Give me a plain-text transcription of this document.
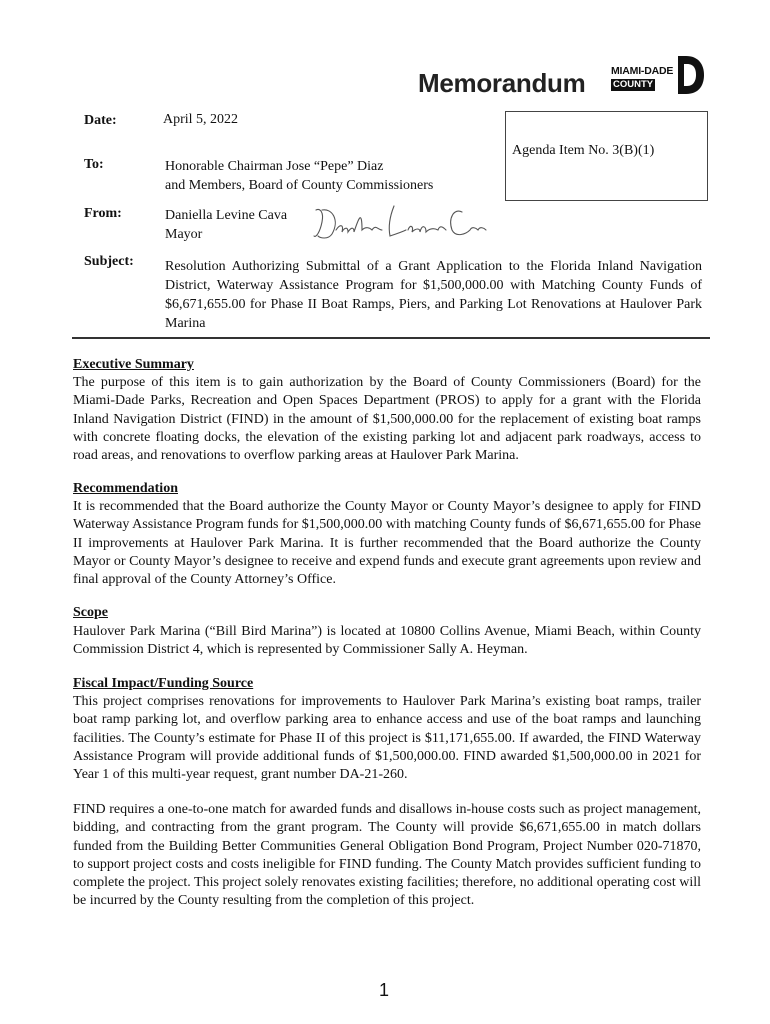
Memorandum MIAMI-DADE
COUNTY
Date:	April 5, 2022
Agenda Item No. 3(B)(1)
To:	Honorable Chairman Jose “Pepe” Diaz
and Members, Board of County Commissioners
From:	Daniella Levine Cava
Mayor
Subject: Resolution Authorizing Submittal of a Grant Application to the Florida Inland Navigation District, Waterway Assistance Program for $1,500,000.00 with Matching County Funds of $6,671,655.00 for Phase II Boat Ramps, Piers, and Parking Lot Renovations at Haulover Park Marina
Executive Summary
The purpose of this item is to gain authorization by the Board of County Commissioners (Board) for the Miami-Dade Parks, Recreation and Open Spaces Department (PROS) to apply for a grant with the Florida Inland Navigation District (FIND) in the amount of $1,500,000.00 for the replacement of existing boat ramps with concrete floating docks, the elevation of the existing parking lot and adjacent park roadways, access to road areas, and renovations to overflow parking areas at Haulover Park Marina.
Recommendation
It is recommended that the Board authorize the County Mayor or County Mayor’s designee to apply for FIND Waterway Assistance Program funds for $1,500,000.00 with matching County funds of $6,671,655.00 for Phase II improvements at Haulover Park Marina. It is further recommended that the Board authorize the County Mayor or County Mayor’s designee to receive and expend funds and execute grant agreements upon review and final approval of the County Attorney’s Office.
Scope
Haulover Park Marina (“Bill Bird Marina”) is located at 10800 Collins Avenue, Miami Beach, within County Commission District 4, which is represented by Commissioner Sally A. Heyman.
Fiscal Impact/Funding Source
This project comprises renovations for improvements to Haulover Park Marina’s existing boat ramps, trailer boat ramp parking lot, and overflow parking area to enhance access and use of the boat ramps and launching facilities. The County’s estimate for Phase II of this project is $11,171,655.00. If awarded, the FIND Waterway Assistance Program will provide additional funds of $1,500,000.00. FIND awarded $1,500,000.00 in 2021 for Year 1 of this multi-year request, grant number DA-21-260.
FIND requires a one-to-one match for awarded funds and disallows in-house costs such as project management, bidding, and contracting from the grant program. The County will provide $6,671,655.00 in match dollars funded from the Building Better Communities General Obligation Bond Program, Project Number 020-71870, to support project costs and costs ineligible for FIND funding. The County Match provides sufficient funding to complete the project. This project solely renovates existing facilities; therefore, no additional operating cost will be incurred by the County resulting from the completion of this project.
1
